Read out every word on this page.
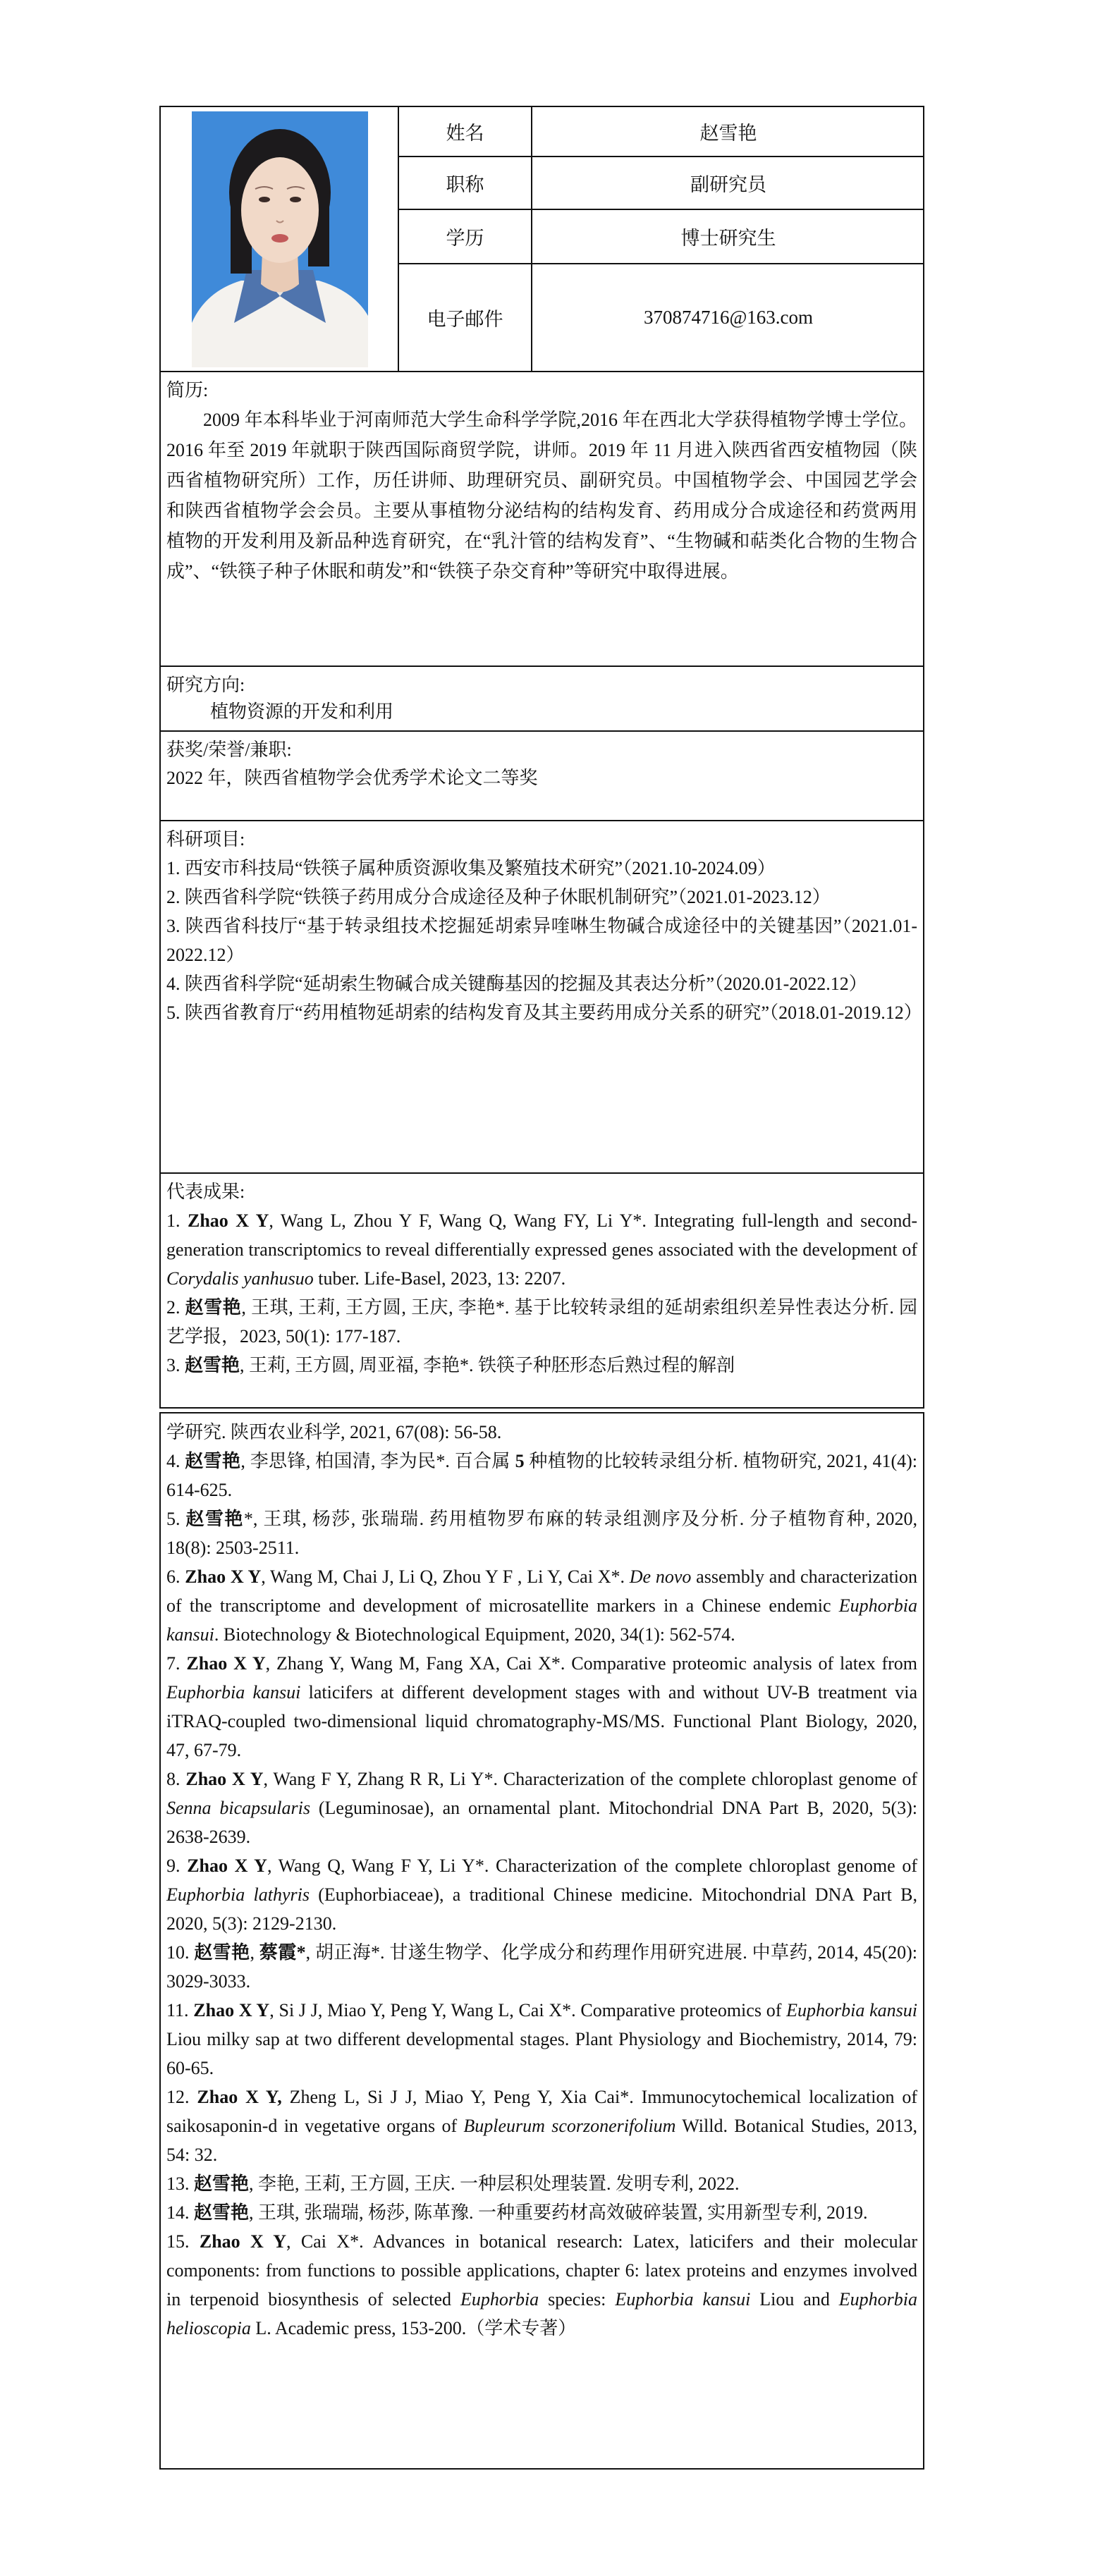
姓名	赵雪艳
职称	副研究员
学历	博士研究生
电子邮件	370874716@163.com
简历:
2009 年本科毕业于河南师范大学生命科学学院,2016 年在西北大学获得植物学博士学位。2016 年至 2019 年就职于陕西国际商贸学院，讲师。2019 年 11 月进入陕西省西安植物园（陕西省植物研究所）工作，历任讲师、助理研究员、副研究员。中国植物学会、中国园艺学会和陕西省植物学会会员。主要从事植物分泌结构的结构发育、药用成分合成途径和药赏两用植物的开发利用及新品种选育研究，在“乳汁管的结构发育”、“生物碱和萜类化合物的生物合成”、“铁筷子种子休眠和萌发”和“铁筷子杂交育种”等研究中取得进展。
研究方向:
植物资源的开发和利用
获奖/荣誉/兼职:
2022 年，陕西省植物学会优秀学术论文二等奖
科研项目:
1. 西安市科技局“铁筷子属种质资源收集及繁殖技术研究”（2021.10-2024.09）
2. 陕西省科学院“铁筷子药用成分合成途径及种子休眠机制研究”（2021.01-2023.12）
3. 陕西省科技厅“基于转录组技术挖掘延胡索异喹啉生物碱合成途径中的关键基因”（2021.01-2022.12）
4. 陕西省科学院“延胡索生物碱合成关键酶基因的挖掘及其表达分析”（2020.01-2022.12）
5. 陕西省教育厅“药用植物延胡索的结构发育及其主要药用成分关系的研究”（2018.01-2019.12）
代表成果:
1. Zhao X Y, Wang L, Zhou Y F, Wang Q, Wang FY, Li Y*. Integrating full-length and second-generation transcriptomics to reveal differentially expressed genes associated with the development of Corydalis yanhusuo tuber. Life-Basel, 2023, 13: 2207.
2. 赵雪艳, 王琪, 王莉, 王方圆, 王庆, 李艳*. 基于比较转录组的延胡索组织差异性表达分析. 园艺学报，2023, 50(1): 177-187.
3. 赵雪艳, 王莉, 王方圆, 周亚福, 李艳*. 铁筷子种胚形态后熟过程的解剖
学研究. 陕西农业科学, 2021, 67(08): 56-58.
4. 赵雪艳, 李思锋, 柏国清, 李为民*. 百合属 5 种植物的比较转录组分析. 植物研究, 2021, 41(4): 614-625.
5. 赵雪艳*, 王琪, 杨莎, 张瑞瑞. 药用植物罗布麻的转录组测序及分析. 分子植物育种, 2020, 18(8): 2503-2511.
6. Zhao X Y, Wang M, Chai J, Li Q, Zhou Y F , Li Y, Cai X*. De novo assembly and characterization of the transcriptome and development of microsatellite markers in a Chinese endemic Euphorbia kansui. Biotechnology & Biotechnological Equipment, 2020, 34(1): 562-574.
7. Zhao X Y, Zhang Y, Wang M, Fang XA, Cai X*. Comparative proteomic analysis of latex from Euphorbia kansui laticifers at different development stages with and without UV-B treatment via iTRAQ-coupled two-dimensional liquid chromatography-MS/MS. Functional Plant Biology, 2020, 47, 67-79.
8. Zhao X Y, Wang F Y, Zhang R R, Li Y*. Characterization of the complete chloroplast genome of Senna bicapsularis (Leguminosae), an ornamental plant. Mitochondrial DNA Part B, 2020, 5(3): 2638-2639.
9. Zhao X Y, Wang Q, Wang F Y, Li Y*. Characterization of the complete chloroplast genome of Euphorbia lathyris (Euphorbiaceae), a traditional Chinese medicine. Mitochondrial DNA Part B, 2020, 5(3): 2129-2130.
10. 赵雪艳, 蔡霞*, 胡正海*. 甘遂生物学、化学成分和药理作用研究进展. 中草药, 2014, 45(20): 3029-3033.
11. Zhao X Y, Si J J, Miao Y, Peng Y, Wang L, Cai X*. Comparative proteomics of Euphorbia kansui Liou milky sap at two different developmental stages. Plant Physiology and Biochemistry, 2014, 79: 60-65.
12. Zhao X Y, Zheng L, Si J J, Miao Y, Peng Y, Xia Cai*. Immunocytochemical localization of saikosaponin-d in vegetative organs of Bupleurum scorzonerifolium Willd. Botanical Studies, 2013, 54: 32.
13. 赵雪艳, 李艳, 王莉, 王方圆, 王庆. 一种层积处理装置. 发明专利, 2022.
14. 赵雪艳, 王琪, 张瑞瑞, 杨莎, 陈革豫. 一种重要药材高效破碎装置, 实用新型专利, 2019.
15. Zhao X Y, Cai X*. Advances in botanical research: Latex, laticifers and their molecular components: from functions to possible applications, chapter 6: latex proteins and enzymes involved in terpenoid biosynthesis of selected Euphorbia species: Euphorbia kansui Liou and Euphorbia helioscopia L. Academic press, 153-200.（学术专著）
